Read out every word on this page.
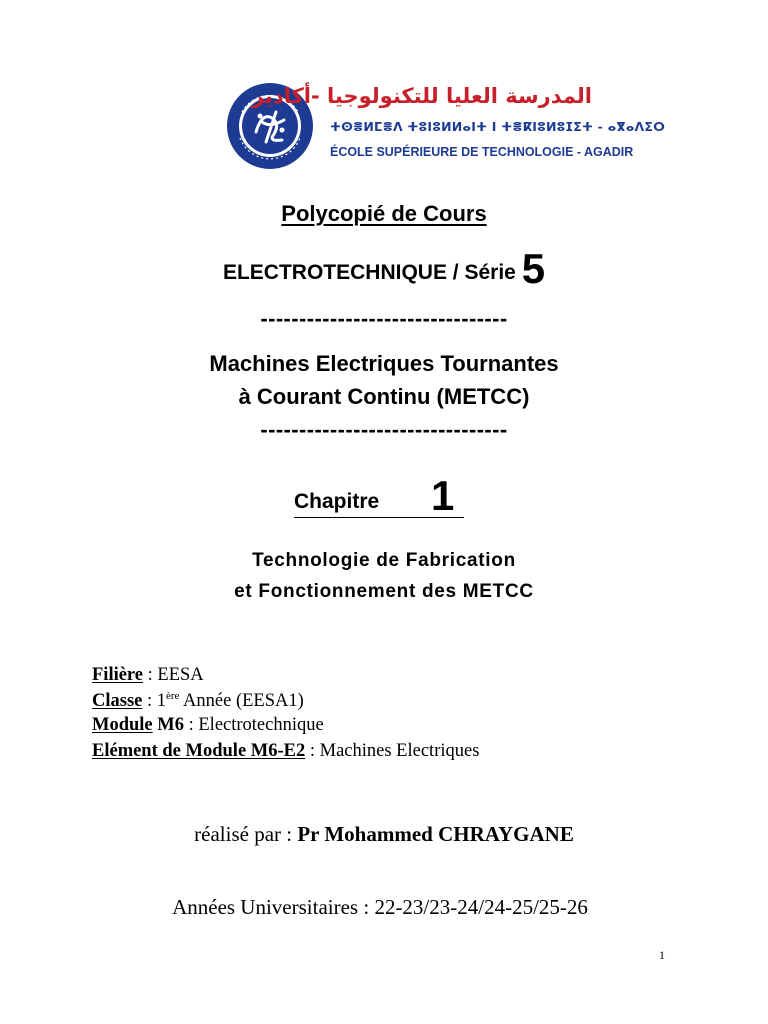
المدرسة العليا للتكنولوجيا -أكادير
ⵜⵙⴻⵍⵎⴻⴷ ⵜⵓⵏⵓⵍⵍⴰⵏⵜ ⵏ ⵜⴻⴽⵏⵓⵍⵓⵊⵉⵜ - ⴰⴳⴰⴷⵉⵔ
ÉCOLE SUPÉRIEURE DE TECHNOLOGIE - AGADIR
Polycopié de Cours
ELECTROTECHNIQUE / Série 5
--------------------------------
Machines Electriques Tournantes
à Courant Continu (METCC)
--------------------------------
Chapitre 1
Technologie de Fabrication
et Fonctionnement des METCC
Filière : EESA
Classe : 1ère Année (EESA1)
Module M6 : Electrotechnique
Elément de Module M6-E2 : Machines Electriques
réalisé par : Pr Mohammed CHRAYGANE
Années Universitaires : 22-23/23-24/24-25/25-26
1
